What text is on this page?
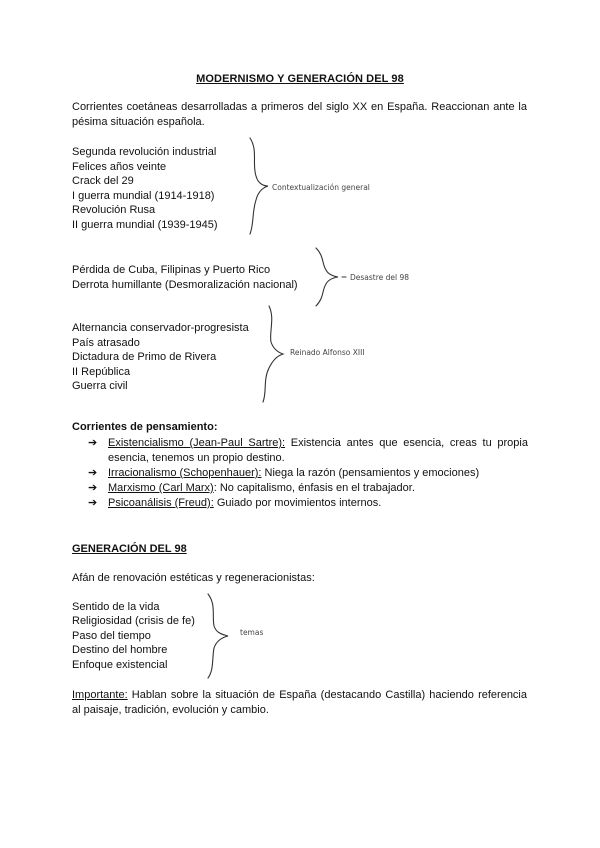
MODERNISMO Y GENERACIÓN DEL 98
Corrientes coetáneas desarrolladas a primeros del siglo XX en España. Reaccionan ante la pésima situación española.
Segunda revolución industrial
Felices años veinte
Crack del 29
I guerra mundial (1914-1918)
Revolución Rusa
II guerra mundial (1939-1945)
Contextualización general
Pérdida de Cuba, Filipinas y Puerto Rico
Derrota humillante (Desmoralización nacional)
Desastre del 98
Alternancia conservador-progresista
País atrasado
Dictadura de Primo de Rivera
II República
Guerra civil
Reinado Alfonso XIII
Corrientes de pensamiento:
➔ Existencialismo (Jean-Paul Sartre): Existencia antes que esencia, creas tu propia esencia, tenemos un propio destino.
➔ Irracionalismo (Schopenhauer): Niega la razón (pensamientos y emociones)
➔ Marxismo (Carl Marx): No capitalismo, énfasis en el trabajador.
➔ Psicoanálisis (Freud): Guiado por movimientos internos.
GENERACIÓN DEL 98
Afán de renovación estéticas y regeneracionistas:
Sentido de la vida
Religiosidad (crisis de fe)
Paso del tiempo
Destino del hombre
Enfoque existencial
temas
Importante: Hablan sobre la situación de España (destacando Castilla) haciendo referencia al paisaje, tradición, evolución y cambio.
